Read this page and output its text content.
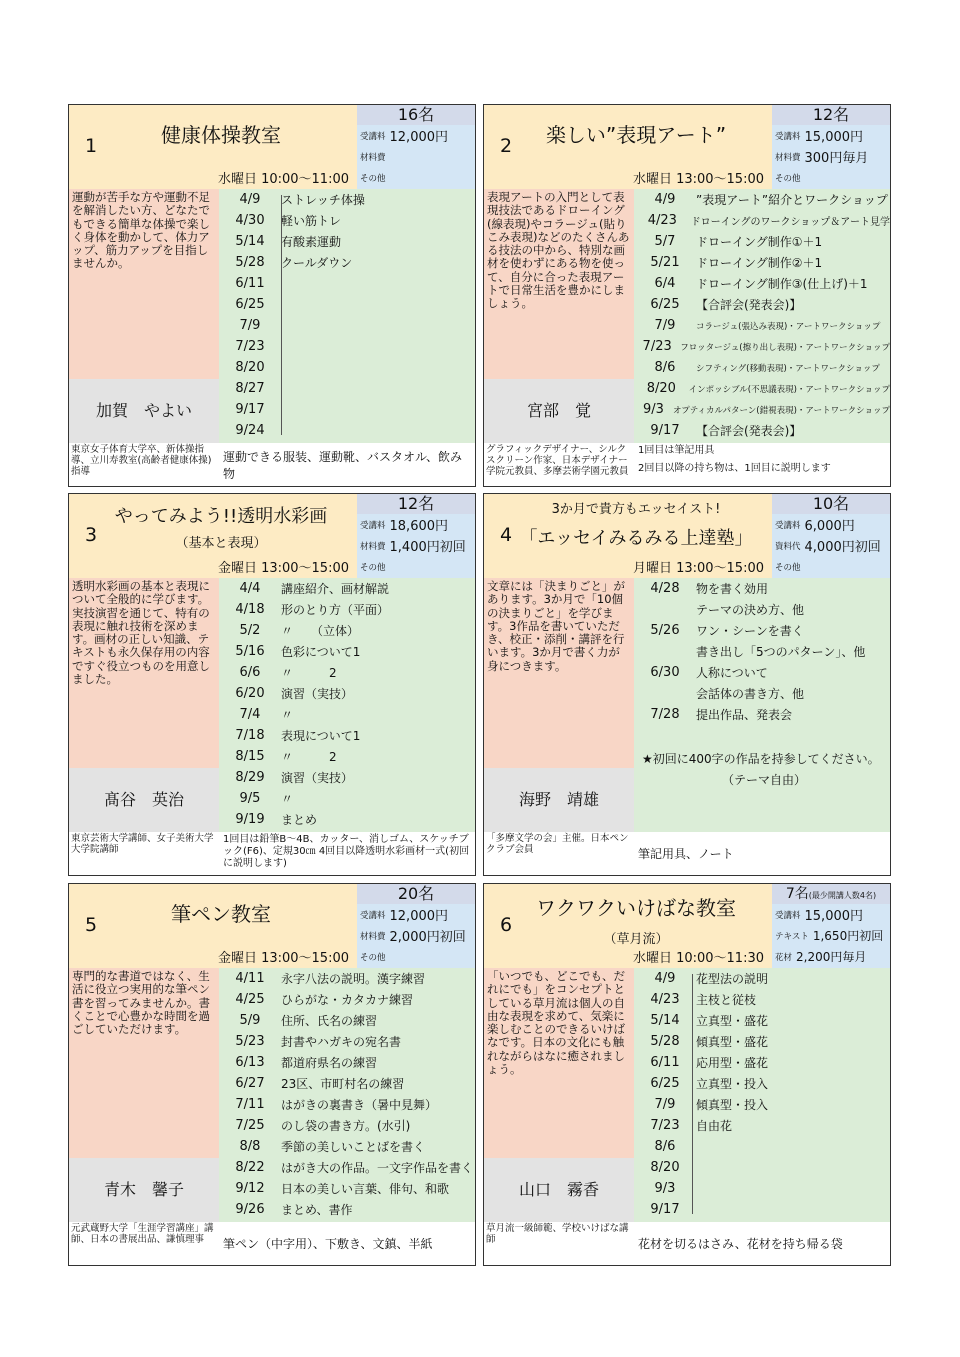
1	健康体操教室
水曜日 10:00～11:00
16名
受講料 12,000円
材料費
その他
運動が苦手な方や運動不足を解消したい方、どなたでもできる簡単な体操で楽しく身体を動かして、体力アップ、筋力アップを目指しませんか。
4/9	ストレッチ体操
4/30	軽い筋トレ
5/14	有酸素運動
5/28	クールダウン
6/11
6/25
7/9
7/23
8/20
8/27
9/17
9/24
加賀　やよい
東京女子体育大学卒、新体操指導、立川寿教室(高齢者健康体操)指導
運動できる服装、運動靴、バスタオル、飲み物
2	楽しい”表現アート”
水曜日 13:00～15:00
12名
受講料 15,000円
材料費 300円毎月
その他
表現アートの入門として表現技法であるドローイング(線表現)やコラージュ(貼りこみ表現)などのたくさんある技法の中から、特別な画材を使わずにある物を使って、自分に合った表現アートで日常生活を豊かにしましょう。
4/9	”表現アート”紹介とワークショップ
4/23	ドローイングのワークショップ＆アート見学
5/7	ドローイング制作①＋1
5/21	ドローイング制作②＋1
6/4	ドローイング制作③(仕上げ)＋1
6/25	【合評会(発表会)】
7/9	コラージュ(張込み表現)・アートワークショップ
7/23	フロッタージュ(擦り出し表現)・アートワークショップ
8/6	シフティング(移動表現)・アートワークショップ
8/20	インポッシブル(不思議表現)・アートワークショップ
9/3	オプティカルパターン(錯視表現)・アートワークショップ
9/17	【合評会(発表会)】
宮部　覚
グラフィックデザイナー、シルクスクリーン作家、日本デザイナー学院元教員、多摩芸術学園元教員
1回目は筆記用具
2回目以降の持ち物は、1回目に説明します
3
やってみよう!!透明水彩画
（基本と表現）
金曜日 13:00～15:00
12名
受講料 18,600円
材料費 1,400円初回
その他
透明水彩画の基本と表現について全般的に学びます。実技演習を通じて、特有の表現に触れ技術を深めます。画材の正しい知識、テキストも永久保存用の内容ですぐ役立つものを用意しました。
4/4	講座紹介、画材解説
4/18	形のとり方（平面）
5/2	〃　　（立体）
5/16	色彩について1
6/6	〃　　　2
6/20	演習（実技）
7/4	〃
7/18	表現について1
8/15	〃　　　2
8/29	演習（実技）
9/5	〃
9/19	まとめ
髙谷　英治
東京芸術大学講師、女子美術大学大学院講師
1回目は鉛筆B～4B、カッター、消しゴム、スケッチブック(F6)、定規30㎝ 4回目以降透明水彩画材一式(初回に説明します)
3か月で貴方もエッセイスト!
4 「エッセイみるみる上達塾」
月曜日 13:00～15:00
10名
受講料 6,000円
資料代 4,000円初回
その他
文章には「決まりごと」があります。3か月で「10個の決まりごと」を学びます。3作品を書いていただき、校正・添削・講評を行います。3か月で書く力が身につきます。
4/28	物を書く効用
テーマの決め方、他
5/26	ワン・シーンを書く
書き出し「5つのパターン」、他
6/30	人称について
会話体の書き方、他
7/28	提出作品、発表会
★初回に400字の作品を持参してください。
（テーマ自由）
海野　靖雄
「多摩文学の会」主催。日本ペンクラブ会員	筆記用具、ノート
5	筆ペン教室
金曜日 13:00～15:00
20名
受講料 12,000円
材料費 2,000円初回
その他
専門的な書道ではなく、生活に役立つ実用的な筆ペン書を習ってみませんか。書くことで心豊かな時間を過ごしていただけます。
4/11	永字八法の説明。漢字練習
4/25	ひらがな・カタカナ練習
5/9	住所、氏名の練習
5/23	封書やハガキの宛名書
6/13	都道府県名の練習
6/27	23区、市町村名の練習
7/11	はがきの裏書き（暑中見舞）
7/25	のし袋の書き方。(水引)
8/8	季節の美しいことばを書く
8/22	はがき大の作品。一文字作品を書く
9/12	日本の美しい言葉、俳句、和歌
9/26	まとめ、書作
青木　馨子
元武蔵野大学「生涯学習講座」講師、日本の書展出品、謙慎理事	筆ペン（中字用）、下敷き、文鎮、半紙
6
ワクワクいけばな教室
（草月流）
水曜日 10:00～11:30
7名(最少開講人数4名)
受講料 15,000円
テキスト 1,650円初回
花材 2,200円毎月
「いつでも、どこでも、だれにでも」をコンセプトとしている草月流は個人の自由な表現を求めて、気楽に楽しむことのできるいけばなです。日本の文化にも触れながらはなに癒されましょう。
4/9	花型法の説明
4/23	主枝と従枝
5/14	立真型・盛花
5/28	傾真型・盛花
6/11	応用型・盛花
6/25	立真型・投入
7/9	傾真型・投入
7/23	自由花
8/6
8/20
9/3
9/17
山口　霧香
草月流一級師範、学校いけばな講師	花材を切るはさみ、花材を持ち帰る袋
